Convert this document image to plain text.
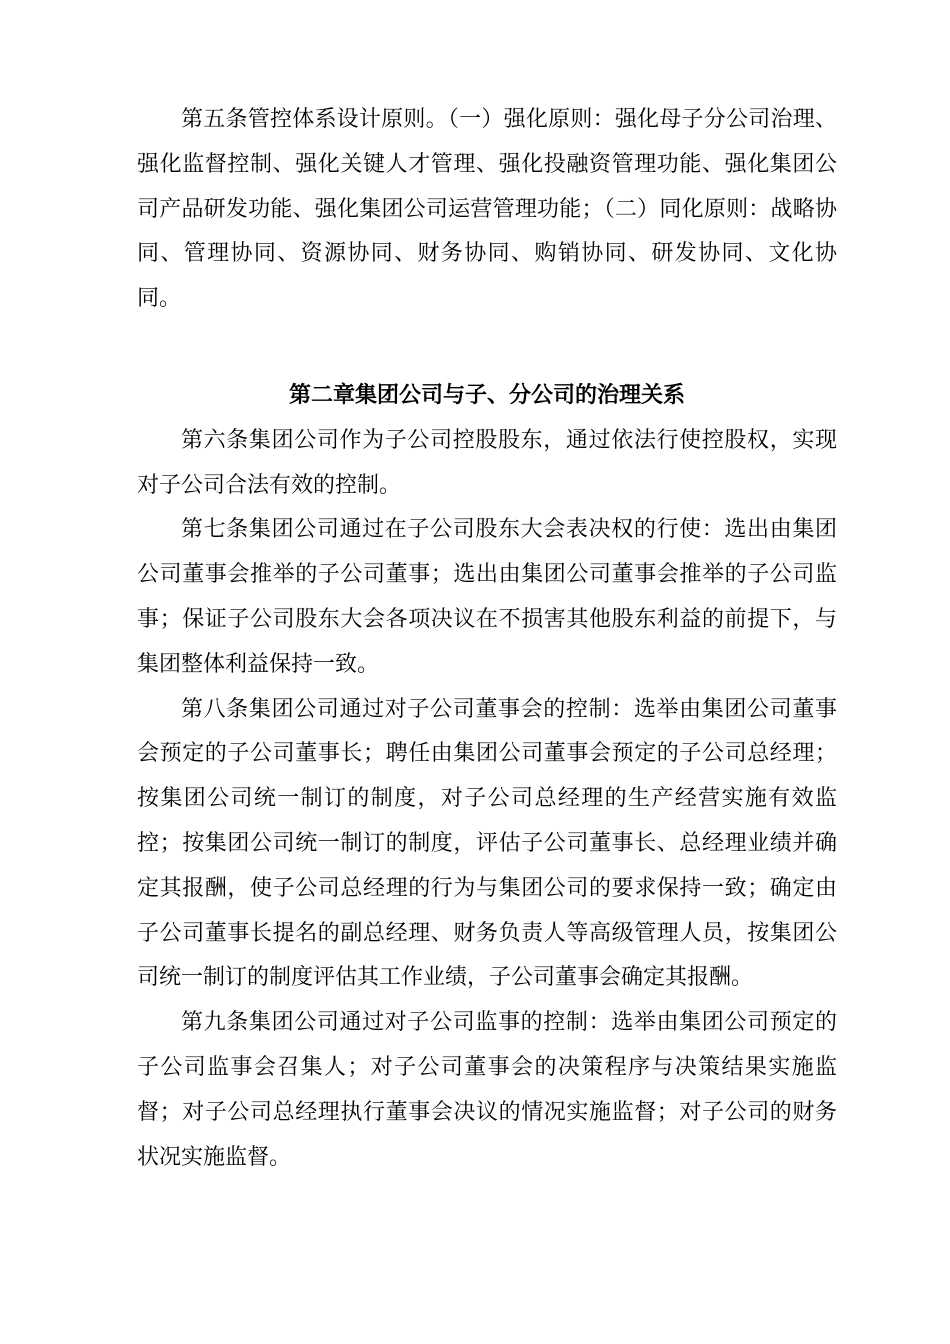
第五条管控体系设计原则。（一）强化原则：强化母子分公司治理、强化监督控制、强化关键人才管理、强化投融资管理功能、强化集团公司产品研发功能、强化集团公司运营管理功能；（二）同化原则：战略协同、管理协同、资源协同、财务协同、购销协同、研发协同、文化协同。

第二章集团公司与子、分公司的治理关系

第六条集团公司作为子公司控股股东，通过依法行使控股权，实现对子公司合法有效的控制。

第七条集团公司通过在子公司股东大会表决权的行使：选出由集团公司董事会推举的子公司董事；选出由集团公司董事会推举的子公司监事；保证子公司股东大会各项决议在不损害其他股东利益的前提下，与集团整体利益保持一致。

第八条集团公司通过对子公司董事会的控制：选举由集团公司董事会预定的子公司董事长；聘任由集团公司董事会预定的子公司总经理；按集团公司统一制订的制度，对子公司总经理的生产经营实施有效监控；按集团公司统一制订的制度，评估子公司董事长、总经理业绩并确定其报酬，使子公司总经理的行为与集团公司的要求保持一致；确定由子公司董事长提名的副总经理、财务负责人等高级管理人员，按集团公司统一制订的制度评估其工作业绩，子公司董事会确定其报酬。

第九条集团公司通过对子公司监事的控制：选举由集团公司预定的子公司监事会召集人；对子公司董事会的决策程序与决策结果实施监督；对子公司总经理执行董事会决议的情况实施监督；对子公司的财务状况实施监督。
